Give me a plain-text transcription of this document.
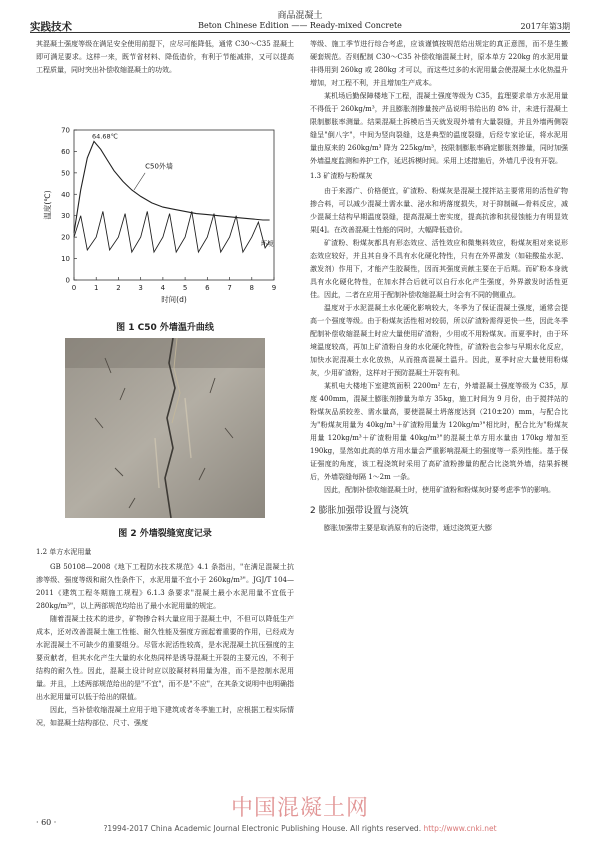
商品混凝土
实践技术	Beton Chinese Edition —— Ready-mixed Concrete	2017年第3期

其混凝土强度等级在满足安全使用前提下，应尽可能降低，通常 C30～C35 混凝土即可满足要求。这样一来，既节省材料、降低造价，有利于节能减排，又可以提高工程质量，同时突出补偿收缩混凝土的功效。

0	1	2	3	4	5	6	7	8	9
0
10
20
30
40
50
60
70
时间(d)
温度(℃)
64.68℃
C50外墙
环境
图 1 C50 外墙温升曲线
图 2 外墙裂缝宽度记录
1.2 单方水泥用量

GB 50108—2008《地下工程防水技术规范》4.1 条指出，"在满足混凝土抗渗等级、强度等级和耐久性条件下，水泥用量不宜小于 260kg/m³"。JGJ/T 104—2011《建筑工程冬期施工规程》6.1.3 条要求"混凝土最小水泥用量不宜低于 280kg/m³"，以上两部规范均给出了最小水泥用量的规定。

随着混凝土技术的进步，矿物掺合料大量应用于混凝土中，不但可以降低生产成本，还对改善混凝土施工性能、耐久性能及强度方面起着重要的作用，已经成为水泥混凝土不可缺少的重要组分。尽管水泥活性较高，是水泥混凝土抗压强度的主要贡献者，但其水化产生大量的水化热同样是诱导混凝土开裂的主要元凶，不利于结构的耐久性。因此，混凝土设计时应以胶凝材料用量为准，而不是控制水泥用量。并且，上述两部规范给出的是"不宜"，而不是"不应"，在其条文说明中也明确指出水泥用量可以低于给出的限值。

因此，当补偿收缩混凝土应用于地下建筑或者冬季施工时，应根据工程实际情况，如混凝土结构部位、尺寸、强度

等级、施工季节进行综合考虑，应该谨慎按规范给出规定的真正意图，而不是生搬硬套规范。否则配制 C30～C35 补偿收缩混凝土时，原本单方 220kg 的水泥用量非得用到 260kg 或 280kg 才可以，而这些过多的水泥用量会使混凝土水化热温升增加，对工程不利，并且增加生产成本。

某机场后勤保障楼地下工程，混凝土强度等级为 C35，监理要求单方水泥用量不得低于 260kg/m³，并且膨胀剂掺量按产品说明书给出的 8% 计，未进行混凝土限制膨胀率测量。结果混凝土拆模后当天就发现外墙有大量裂缝，并且外墙两侧裂缝呈"倒八字"，中间为竖向裂缝，这是典型的温度裂缝，后经专家论证，将水泥用量由原来的 260kg/m³ 降为 225kg/m³，按限制膨胀率确定膨胀剂掺量，同时加强外墙温度监测和养护工作，延迟拆模时间。采用上述措施后，外墙几乎没有开裂。

1.3 矿渣粉与粉煤灰

由于来源广、价格便宜，矿渣粉、粉煤灰是混凝土搅拌站主要常用的活性矿物掺合料，可以减少混凝土需水量、泌水和坍落度损失，对于抑制碱—骨料反应，减少混凝土结构早期温度裂缝，提高混凝土密实度，提高抗渗和抗侵蚀能力有明显效果[4]。在改善混凝土性能的同时，大幅降低造价。

矿渣粉、粉煤灰都具有形态效应、活性效应和微集料效应，粉煤灰相对来说形态效应较好，并且其自身不具有水化硬化特性，只有在外界激发（如硅酸盐水泥、激发剂）作用下，才能产生胶凝性，因而其强度贡献主要在于后期。而矿粉本身就具有水化硬化特性，在加水拌合后就可以自行水化产生强度，外界激发时活性更佳。因此，二者在应用于配制补偿收缩混凝土时会有不同的侧重点。

温度对于水泥混凝土水化硬化影响较大，冬季为了保证混凝土强度，通常会提高一个强度等级。由于粉煤灰活性相对较弱，所以矿渣粉需得更快一些，因此冬季配制补偿收缩混凝土时应大量使用矿渣粉，少用或不用粉煤灰。而夏季时，由于环境温度较高，再加上矿渣粉自身的水化硬化特性，矿渣粉也会参与早期水化反应，加快水泥混凝土水化放热，从而推高混凝土温升。因此，夏季时应大量使用粉煤灰，少用矿渣粉，这样对于预防混凝土开裂有利。

某机电大楼地下室建筑面积 2200m² 左右，外墙混凝土强度等级为 C35，厚度 400mm，混凝土膨胀剂掺量为单方 35kg，施工时间为 9 月份，由于搅拌站的粉煤灰品质较差、需水量高，要使混凝土坍落度达到（210±20）mm，与配合比为"粉煤灰用量为 40kg/m³＋矿渣粉用量为 120kg/m³"相比时，配合比为"粉煤灰用量 120kg/m³＋矿渣粉用量 40kg/m³"的混凝土单方用水量由 170kg 增加至 190kg，显然如此高的单方用水量会严重影响混凝土的强度等一系列性能。基于保证强度的角度，该工程浇筑时采用了高矿渣粉掺量的配合比浇筑外墙，结果拆模后，外墙裂缝每隔 1～2m 一条。

因此，配制补偿收缩混凝土时，使用矿渣粉和粉煤灰时要考虑季节的影响。

2 膨胀加强带设置与浇筑

膨胀加强带主要是取消原有的后浇带，通过浇筑更大膨

· 60 ·
中国混凝土网
?1994-2017 China Academic Journal Electronic Publishing House. All rights reserved. http://www.cnki.net
